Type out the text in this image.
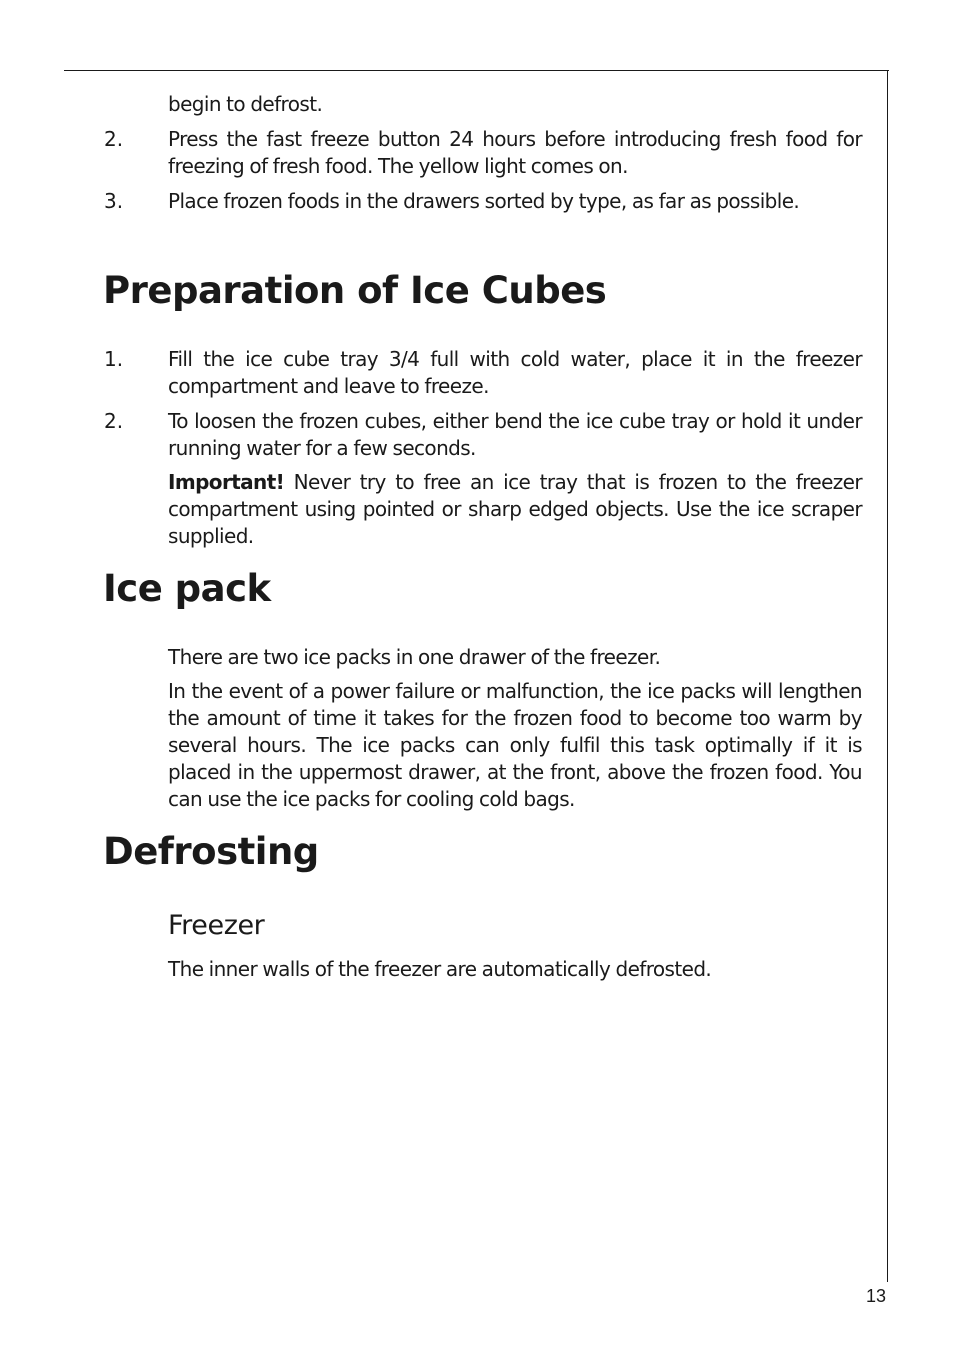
begin to defrost.
2. Press the fast freeze button 24 hours before introducing fresh food for freezing of fresh food. The yellow light comes on.
3. Place frozen foods in the drawers sorted by type, as far as possible.
Preparation of Ice Cubes
1. Fill the ice cube tray 3/4 full with cold water, place it in the freezer compartment and leave to freeze.
2. To loosen the frozen cubes, either bend the ice cube tray or hold it under running water for a few seconds.
Important! Never try to free an ice tray that is frozen to the freezer compartment using pointed or sharp edged objects. Use the ice scraper supplied.
Ice pack
There are two ice packs in one drawer of the freezer.
In the event of a power failure or malfunction, the ice packs will lengthen the amount of time it takes for the frozen food to become too warm by several hours. The ice packs can only fulfil this task optimally if it is placed in the uppermost drawer, at the front, above the frozen food. You can use the ice packs for cooling cold bags.
Defrosting
Freezer
The inner walls of the freezer are automatically defrosted.
13
